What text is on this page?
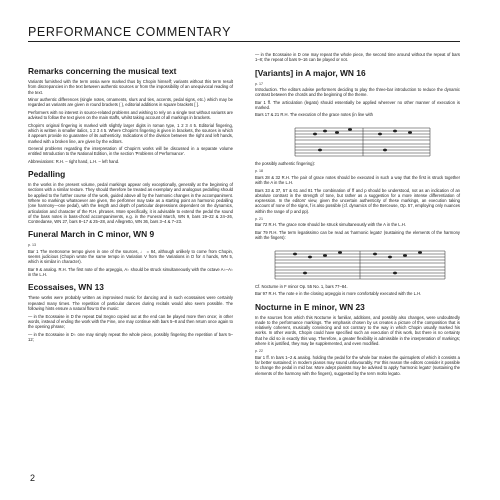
PERFORMANCE COMMENTARY
Remarks concerning the musical text

Variants furnished with the term ossia were marked thus by Chopin himself; variants without this term result from discrepancies in the text between authentic sources or from the impossibility of an unequivocal reading of the text.

Minor authentic differences (single notes, ornaments, slurs and ties, accents, pedal signs, etc.) which may be regarded as variants are given in round brackets ( ), editorial additions in square brackets [ ].

Performers with no interest in source-related problems and wishing to rely on a single text without variants are advised to follow the text given on the main staffs, whilst taking account of all markings in brackets.

Chopin's original fingering is marked with slightly larger digits in roman type, 1 2 3 4 5. Editorial fingering, which is written in smaller italics, 1 2 3 4 5. Where Chopin's fingering is given in brackets, the sources in which it appears provide no guarantee of its authenticity. Indications of the division between the right and left hands, marked with a broken line, are given by the editors.

General problems regarding the interpretation of Chopin's works will be discussed in a separate volume entitled Introduction to the National Edition, in the section 'Problems of Performance'.

Abbreviations: R.H. – right hand, L.H. – left hand.

Pedalling

In the works in the present volume, pedal markings appear only exceptionally, generally at the beginning of sections with a similar texture. They should therefore be treated as exemplary and analogous pedalling should be applied to the further course of the work, guided above all by the harmonic changes in the accompaniment. Where no markings whatsoever are given, the performer may take as a starting point an harmonic pedalling (one harmony—one pedal), with the length and depth of particular depressions dependent on the dynamics, articulation and character of the R.H. phrases. More specifically, it is advisable to extend the pedal the sound of the bass notes in bass-chord accompaniments, e.g. in the Funeral March, WN 9, bars 19–22 & 24–26, Contredanse, WN 27, bars 8–17 & 25–28, and Allegretto, WN 36, bars 3–4 & 7–23.

Funeral March in C minor, WN 9
p. 13

Bar 1 The metronome tempo given in one of the sources, ♩ = 84, although unlikely to come from Chopin, seems judicious (Chopin wrote the same tempo in Variation V from the Variations in D for 4 hands, WN 5, which is similar in character).

Bar 9 & analog. R.H. The first note of the arpeggio, A♭ should be struck simultaneously with the octave A♭–A♭ in the L.H.

Ecossaises, WN 13

These works were probably written as improvised music for dancing and in such ecossaises were certainly repeated many times. The repetition of particular dances during recitals would also seem possible. The following hints ensure a natural flow to the music:

— in the Ecossaise in D the repeat Dal Segno copied out at the end can be played more then once; in other words, instead of ending the work with the Fine, one may continue with bars 5–8 and then return once again to the opening phrase;

— in the Ecossaise in D♭ one may simply repeat the whole piece, possibly fingering the repetition of bars 5–12;

— in the Ecossaise in D one may repeat the whole piece, the second time around without the repeat of bars 1–8; the repeat of bars 9–16 can be played or not.

[Variants] in A major, WN 16
p. 17

Introduction. The editors advise performers deciding to play the three-bar introduction to reduce the dynamic contrast between the chords and the beginning of the theme.

Bar 1 ff. The articulation (legato) should essentially be applied wherever no other manner of execution is marked.

Bars 17 & 21 R.H. The execution of the grace notes (in line with

the possibly authentic fingering):

p. 18

Bars 28 & 32 R.H. The pair of grace notes should be executed in such a way that the first is struck together with the A in the L.H.

Bars 33 & 37, 57 & 61 and 81 The combination of ff and p should be understood, not as an indication of an absolute contrast in the strength of tone, but rather as a suggestion for a more intense differentiation of expression. In the editors' view, given the uncertain authenticity of these markings, an execution taking account of none of the signs, f is also possible (cf. dynamics of the Berceuse, Op. 57, employing only nuances within the range of p and pp).

p. 21

Bar 72 R.H. The grace note should be struck simultaneously with the A in the L.H.

Bar 79 R.H. The term legatissimo can be read as 'harmonic legato' (sustaining the elements of the harmony with the fingers):

Cf. Nocturne in F minor Op. 55 No. 1, bars 77–84.

Bar 97 R.H. The note e in the closing arpeggio is more comfortably executed with the L.H.

Nocturne in E minor, WN 23

In the sources from which this Nocturne is familiar, additions, and possibly also changes, were undoubtedly made to the performance markings. The emphasis chosen by us creates a picture of the composition that is relatively coherent, musically convincing and not contrary to the way in which Chopin usually marked his works. In other words, Chopin could have specified such an execution of this work, but there is no certainty that he did so in exactly this way. Therefore, a greater flexibility is admissible in the interpretation of markings; where it is justified, they may be supplemented, and even modified.

p. 22

Bar 1 ff. In bars 1–2 & analog. holding the pedal for the whole bar makes the quintuplets of which it consists a far better sustained; in modern pianos may sound unfavourably. For this reason the editors consider it possible to change the pedal in mid bar. More adept pianists may be advised to apply 'harmonic legato' (sustaining the elements of the harmony with the fingers), suggested by the term molto legato.

2
